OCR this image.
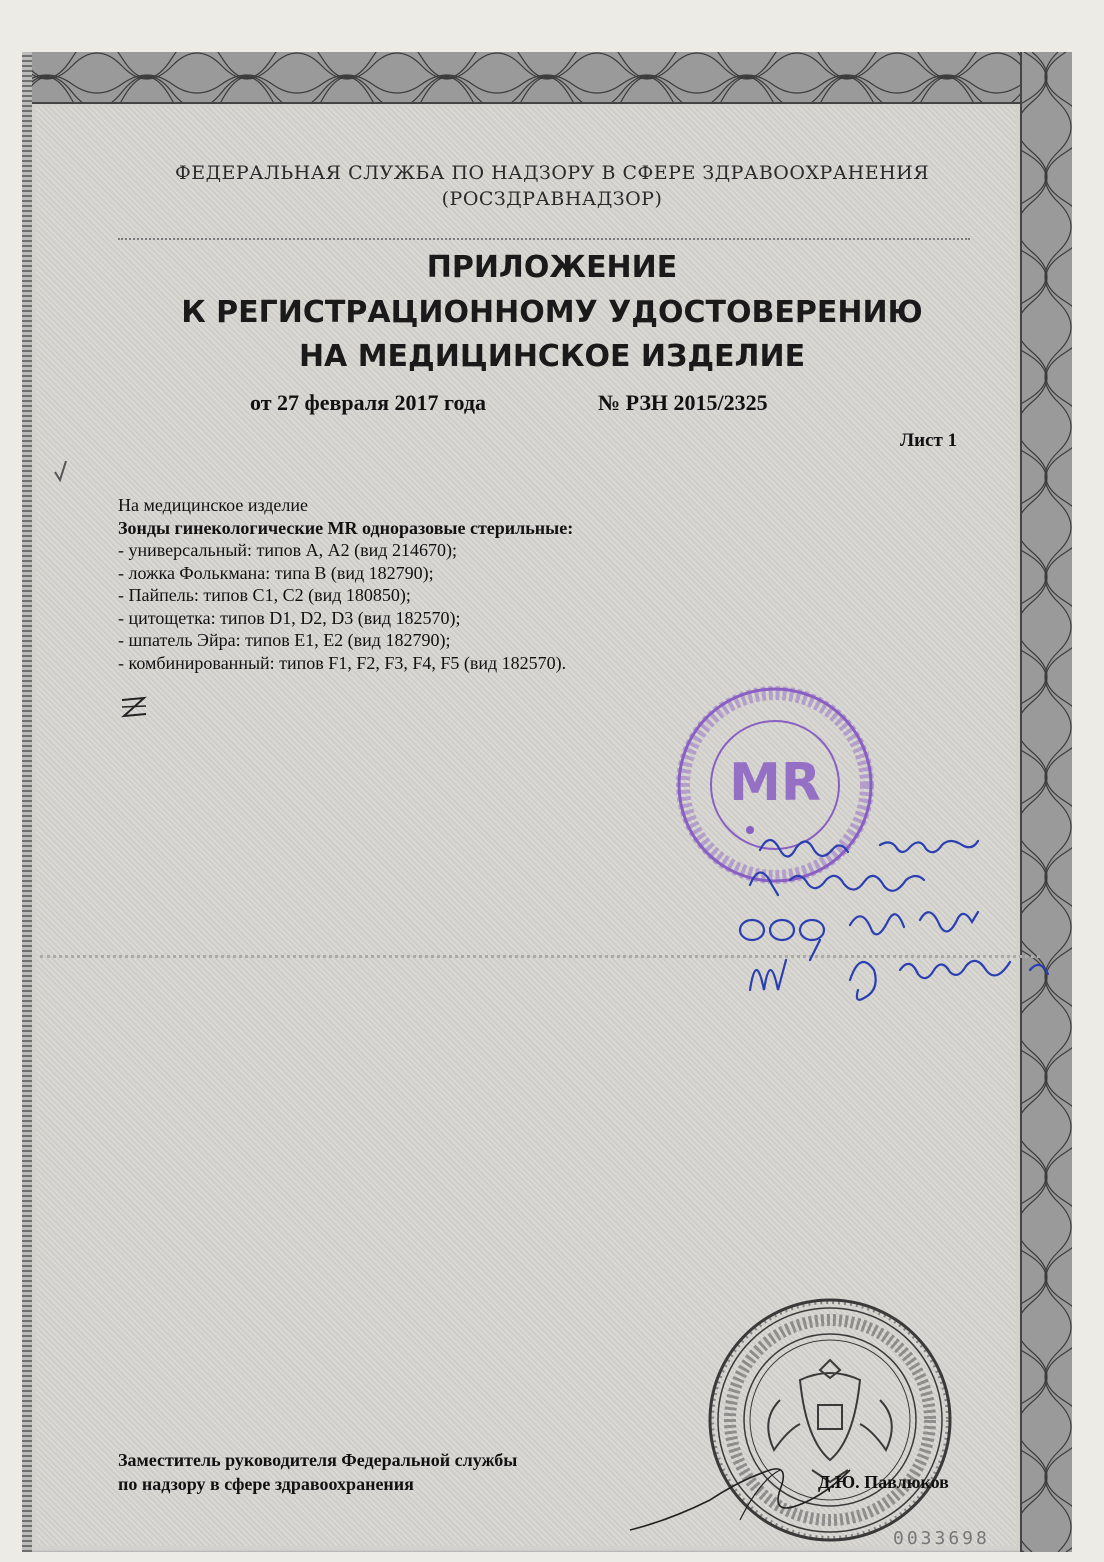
ФЕДЕРАЛЬНАЯ СЛУЖБА ПО НАДЗОРУ В СФЕРЕ ЗДРАВООХРАНЕНИЯ
(РОСЗДРАВНАДЗОР)
ПРИЛОЖЕНИЕ
К РЕГИСТРАЦИОННОМУ УДОСТОВЕРЕНИЮ
НА МЕДИЦИНСКОЕ ИЗДЕЛИЕ
от 27 февраля 2017 года	№ РЗН 2015/2325
Лист 1
На медицинское изделие
Зонды гинекологические MR одноразовые стерильные:
- универсальный: типов А, А2 (вид 214670);
- ложка Фолькмана: типа В (вид 182790);
- Пайпель: типов С1, С2 (вид 180850);
- цитощетка: типов D1, D2, D3 (вид 182570);
- шпатель Эйра: типов Е1, Е2 (вид 182790);
- комбинированный: типов F1, F2, F3, F4, F5 (вид 182570).
MR
Заместитель руководителя Федеральной службы
по надзору в сфере здравоохранения	Д.Ю. Павлюков
0033698
